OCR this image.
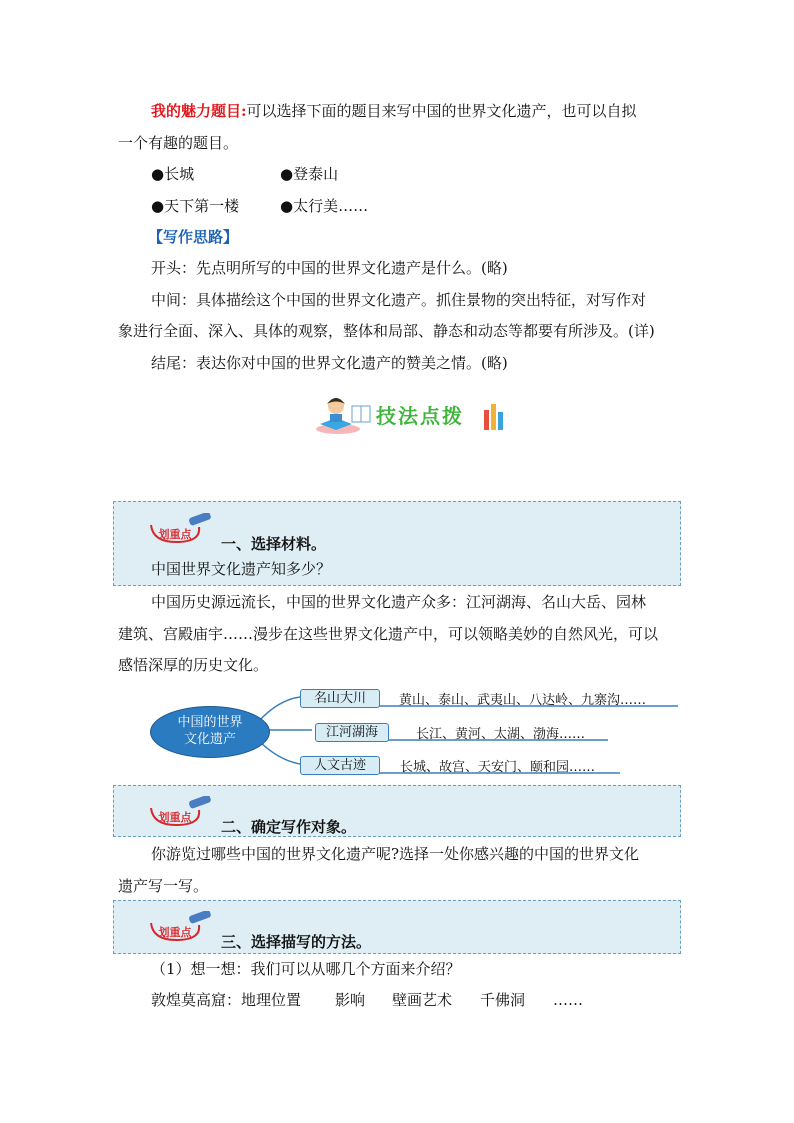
我的魅力题目:可以选择下面的题目来写中国的世界文化遗产，也可以自拟
一个有趣的题目。
●长城	●登泰山
●天下第一楼	●太行美……
【写作思路】
开头：先点明所写的中国的世界文化遗产是什么。(略)
中间：具体描绘这个中国的世界文化遗产。抓住景物的突出特征，对写作对
象进行全面、深入、具体的观察，整体和局部、静态和动态等都要有所涉及。(详)
结尾：表达你对中国的世界文化遗产的赞美之情。(略)
技法点拨
划重点
一、选择材料。
中国世界文化遗产知多少？
中国历史源远流长，中国的世界文化遗产众多：江河湖海、名山大岳、园林
建筑、宫殿庙宇……漫步在这些世界文化遗产中，可以领略美妙的自然风光，可以
感悟深厚的历史文化。
中国的世界
文化遗产
名山大川	黄山、泰山、武夷山、八达岭、九寨沟……
江河湖海	长江、黄河、太湖、渤海……
人文古迹	长城、故宫、天安门、颐和园……
划重点
二、确定写作对象。
你游览过哪些中国的世界文化遗产呢?选择一处你感兴趣的中国的世界文化
遗产写一写。
划重点
三、选择描写的方法。
（1）想一想：我们可以从哪几个方面来介绍？
敦煌莫高窟：地理位置 影响 壁画艺术 千佛洞 ……
